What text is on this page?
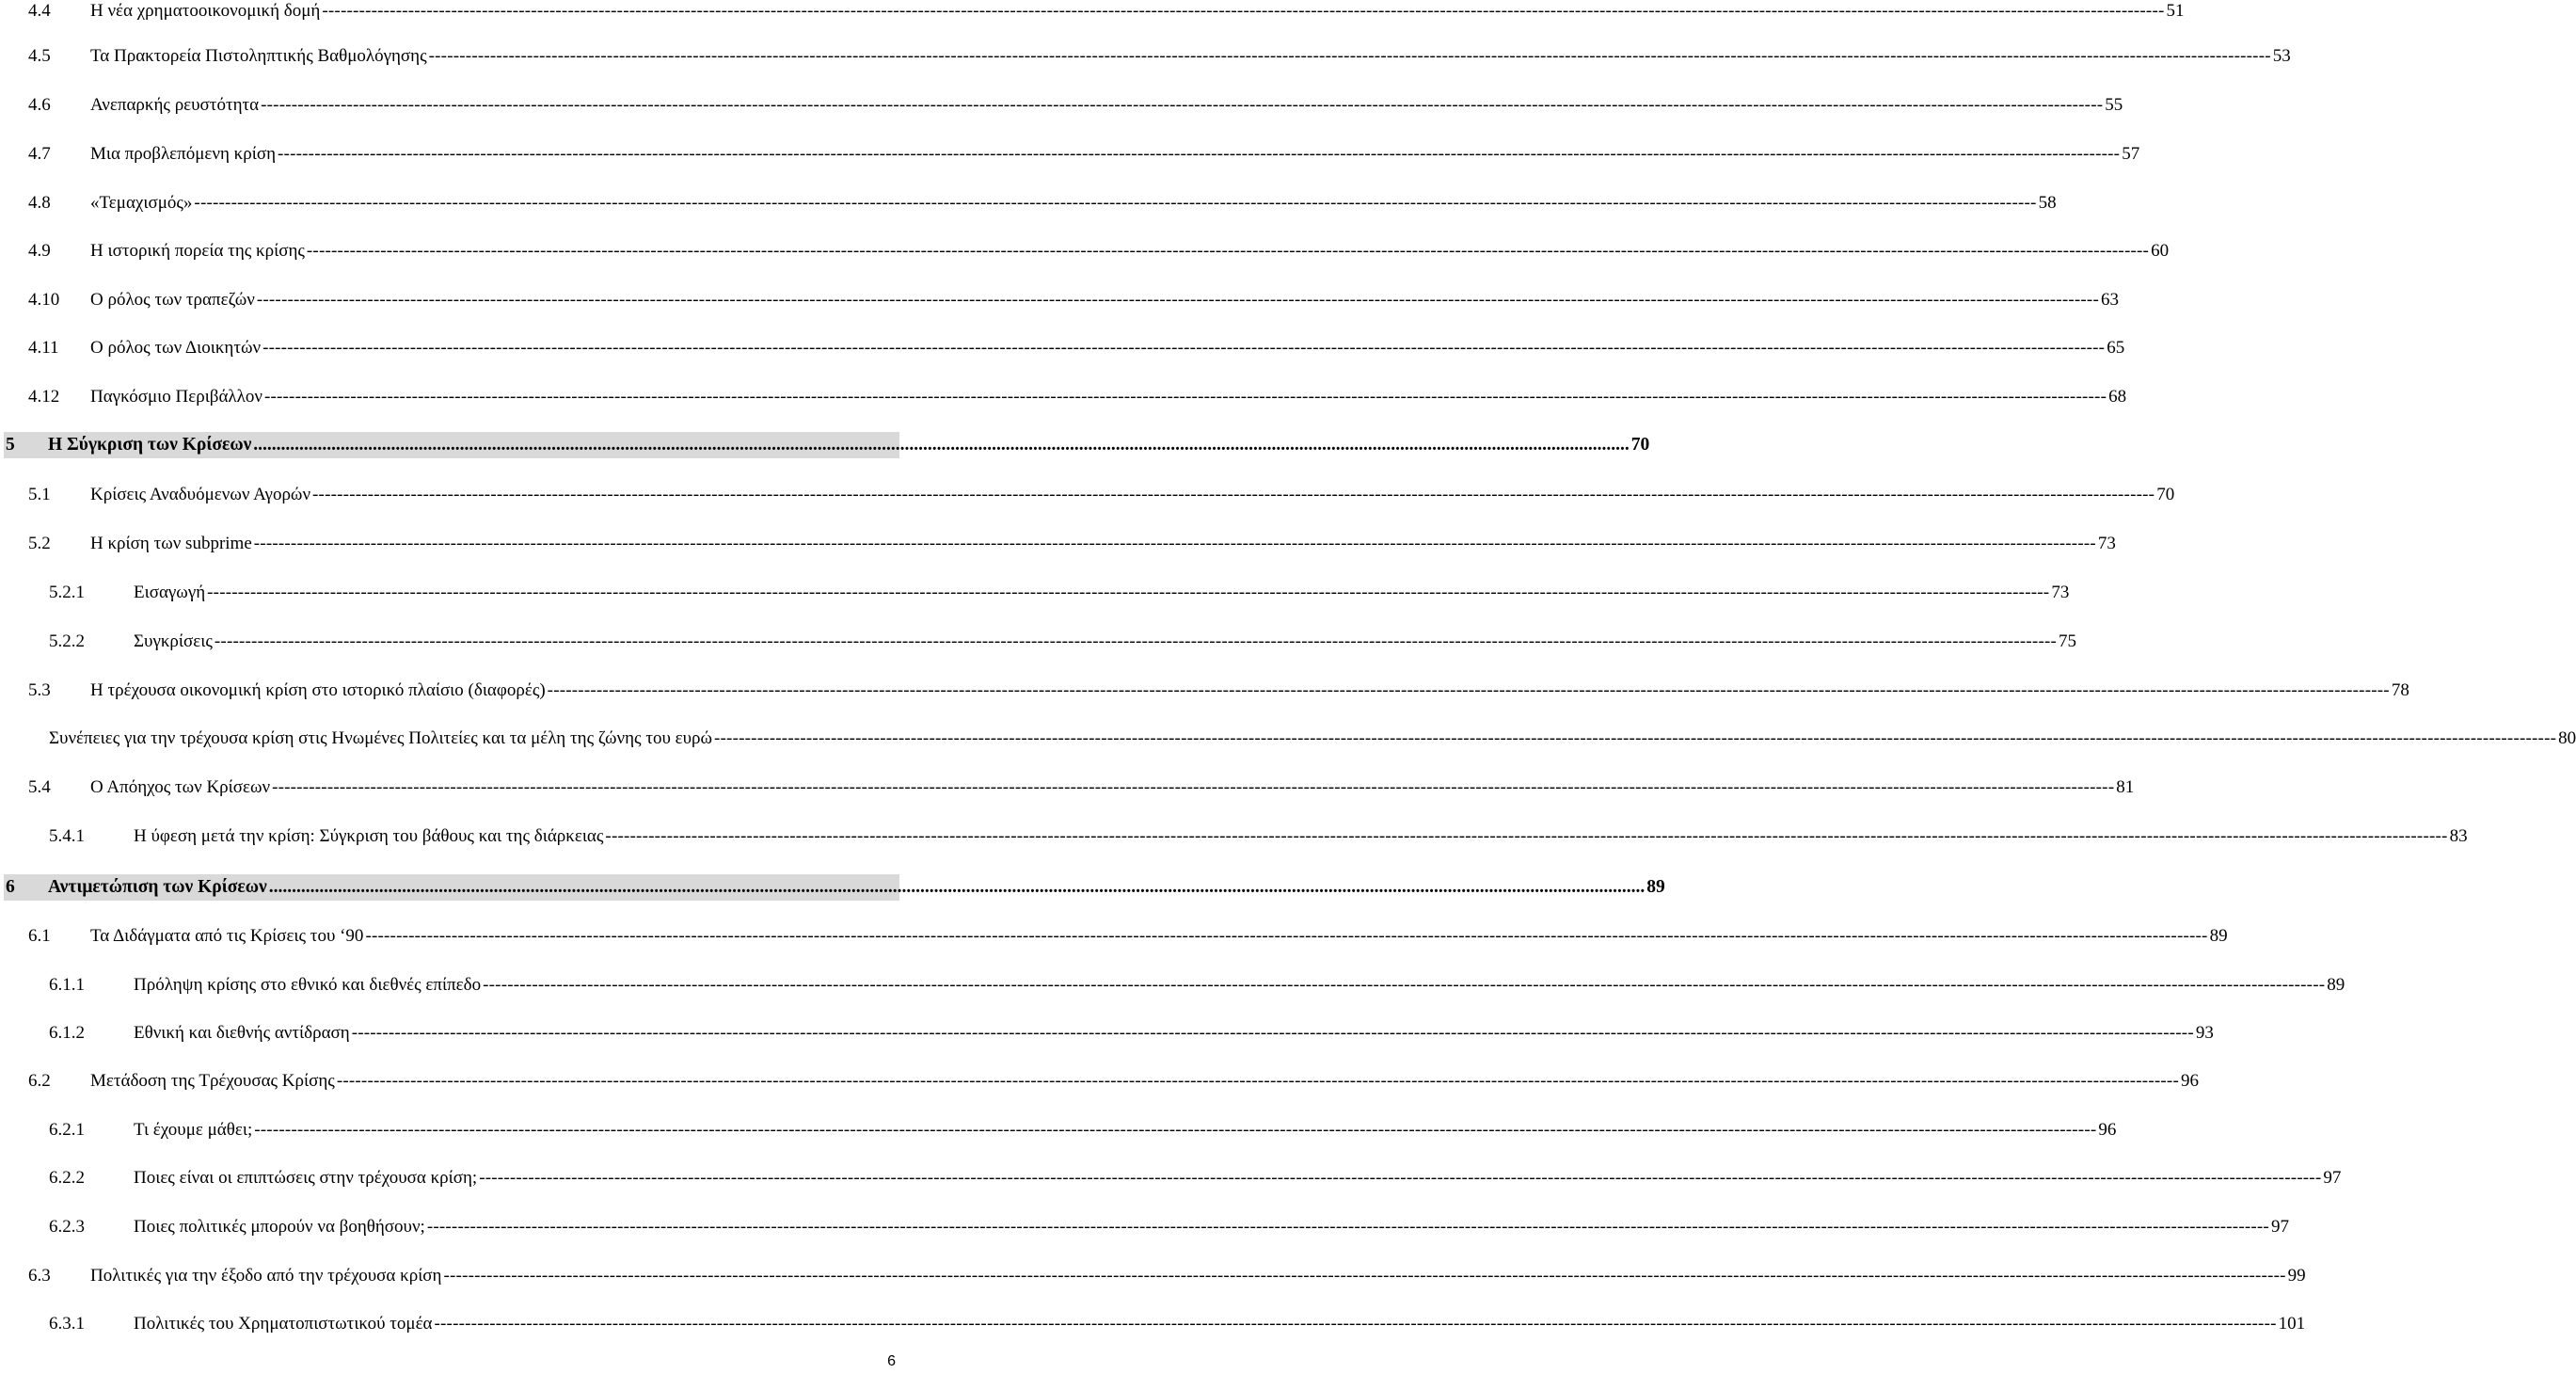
4.4	Η νέα χρηματοοικονομική δομή ------------------------------------------------------------------------------------------------------------------------------------------------------------------------------------------------------------------------------------------------------------------------------------------------------------ 51
4.5	Τα Πρακτορεία Πιστοληπτικής Βαθμολόγησης ------------------------------------------------------------------------------------------------------------------------------------------------------------------------------------------------------------------------------------------------------------------------------------------------------------ 53
4.6	Ανεπαρκής ρευστότητα ------------------------------------------------------------------------------------------------------------------------------------------------------------------------------------------------------------------------------------------------------------------------------------------------------------ 55
4.7	Μια προβλεπόμενη κρίση ------------------------------------------------------------------------------------------------------------------------------------------------------------------------------------------------------------------------------------------------------------------------------------------------------------ 57
4.8	«Τεμαχισμός» ------------------------------------------------------------------------------------------------------------------------------------------------------------------------------------------------------------------------------------------------------------------------------------------------------------ 58
4.9	Η ιστορική πορεία της κρίσης ------------------------------------------------------------------------------------------------------------------------------------------------------------------------------------------------------------------------------------------------------------------------------------------------------------ 60
4.10	Ο ρόλος των τραπεζών ------------------------------------------------------------------------------------------------------------------------------------------------------------------------------------------------------------------------------------------------------------------------------------------------------------ 63
4.11	Ο ρόλος των Διοικητών ------------------------------------------------------------------------------------------------------------------------------------------------------------------------------------------------------------------------------------------------------------------------------------------------------------ 65
4.12	Παγκόσμιο Περιβάλλον ------------------------------------------------------------------------------------------------------------------------------------------------------------------------------------------------------------------------------------------------------------------------------------------------------------ 68
5	Η Σύγκριση των Κρίσεων ............................................................................................................................................................................................................................................................................................................ 70
5.1	Κρίσεις Αναδυόμενων Αγορών ------------------------------------------------------------------------------------------------------------------------------------------------------------------------------------------------------------------------------------------------------------------------------------------------------------ 70
5.2	Η κρίση των subprime ------------------------------------------------------------------------------------------------------------------------------------------------------------------------------------------------------------------------------------------------------------------------------------------------------------ 73
5.2.1	Εισαγωγή ------------------------------------------------------------------------------------------------------------------------------------------------------------------------------------------------------------------------------------------------------------------------------------------------------------ 73
5.2.2	Συγκρίσεις ------------------------------------------------------------------------------------------------------------------------------------------------------------------------------------------------------------------------------------------------------------------------------------------------------------ 75
5.3	Η τρέχουσα οικονομική κρίση στο ιστορικό πλαίσιο (διαφορές) ------------------------------------------------------------------------------------------------------------------------------------------------------------------------------------------------------------------------------------------------------------------------------------------------------------ 78
Συνέπειες για την τρέχουσα κρίση στις Ηνωμένες Πολιτείες και τα μέλη της ζώνης του ευρώ ------------------------------------------------------------------------------------------------------------------------------------------------------------------------------------------------------------------------------------------------------------------------------------------------------------ 80
5.4	Ο Απόηχος των Κρίσεων ------------------------------------------------------------------------------------------------------------------------------------------------------------------------------------------------------------------------------------------------------------------------------------------------------------ 81
5.4.1	Η ύφεση μετά την κρίση: Σύγκριση του βάθους και της διάρκειας ------------------------------------------------------------------------------------------------------------------------------------------------------------------------------------------------------------------------------------------------------------------------------------------------------------ 83
6	Αντιμετώπιση των Κρίσεων ............................................................................................................................................................................................................................................................................................................ 89
6.1	Τα Διδάγματα από τις Κρίσεις του ‘90 ------------------------------------------------------------------------------------------------------------------------------------------------------------------------------------------------------------------------------------------------------------------------------------------------------------ 89
6.1.1	Πρόληψη κρίσης στο εθνικό και διεθνές επίπεδο ------------------------------------------------------------------------------------------------------------------------------------------------------------------------------------------------------------------------------------------------------------------------------------------------------------ 89
6.1.2	Εθνική και διεθνής αντίδραση ------------------------------------------------------------------------------------------------------------------------------------------------------------------------------------------------------------------------------------------------------------------------------------------------------------ 93
6.2	Μετάδοση της Τρέχουσας Κρίσης ------------------------------------------------------------------------------------------------------------------------------------------------------------------------------------------------------------------------------------------------------------------------------------------------------------ 96
6.2.1	Τι έχουμε μάθει; ------------------------------------------------------------------------------------------------------------------------------------------------------------------------------------------------------------------------------------------------------------------------------------------------------------ 96
6.2.2	Ποιες είναι οι επιπτώσεις στην τρέχουσα κρίση; ------------------------------------------------------------------------------------------------------------------------------------------------------------------------------------------------------------------------------------------------------------------------------------------------------------ 97
6.2.3	Ποιες πολιτικές μπορούν να βοηθήσουν; ------------------------------------------------------------------------------------------------------------------------------------------------------------------------------------------------------------------------------------------------------------------------------------------------------------ 97
6.3	Πολιτικές για την έξοδο από την τρέχουσα κρίση ------------------------------------------------------------------------------------------------------------------------------------------------------------------------------------------------------------------------------------------------------------------------------------------------------------ 99
6.3.1	Πολιτικές του Χρηματοπιστωτικού τομέα ------------------------------------------------------------------------------------------------------------------------------------------------------------------------------------------------------------------------------------------------------------------------------------------------------------ 101
6
